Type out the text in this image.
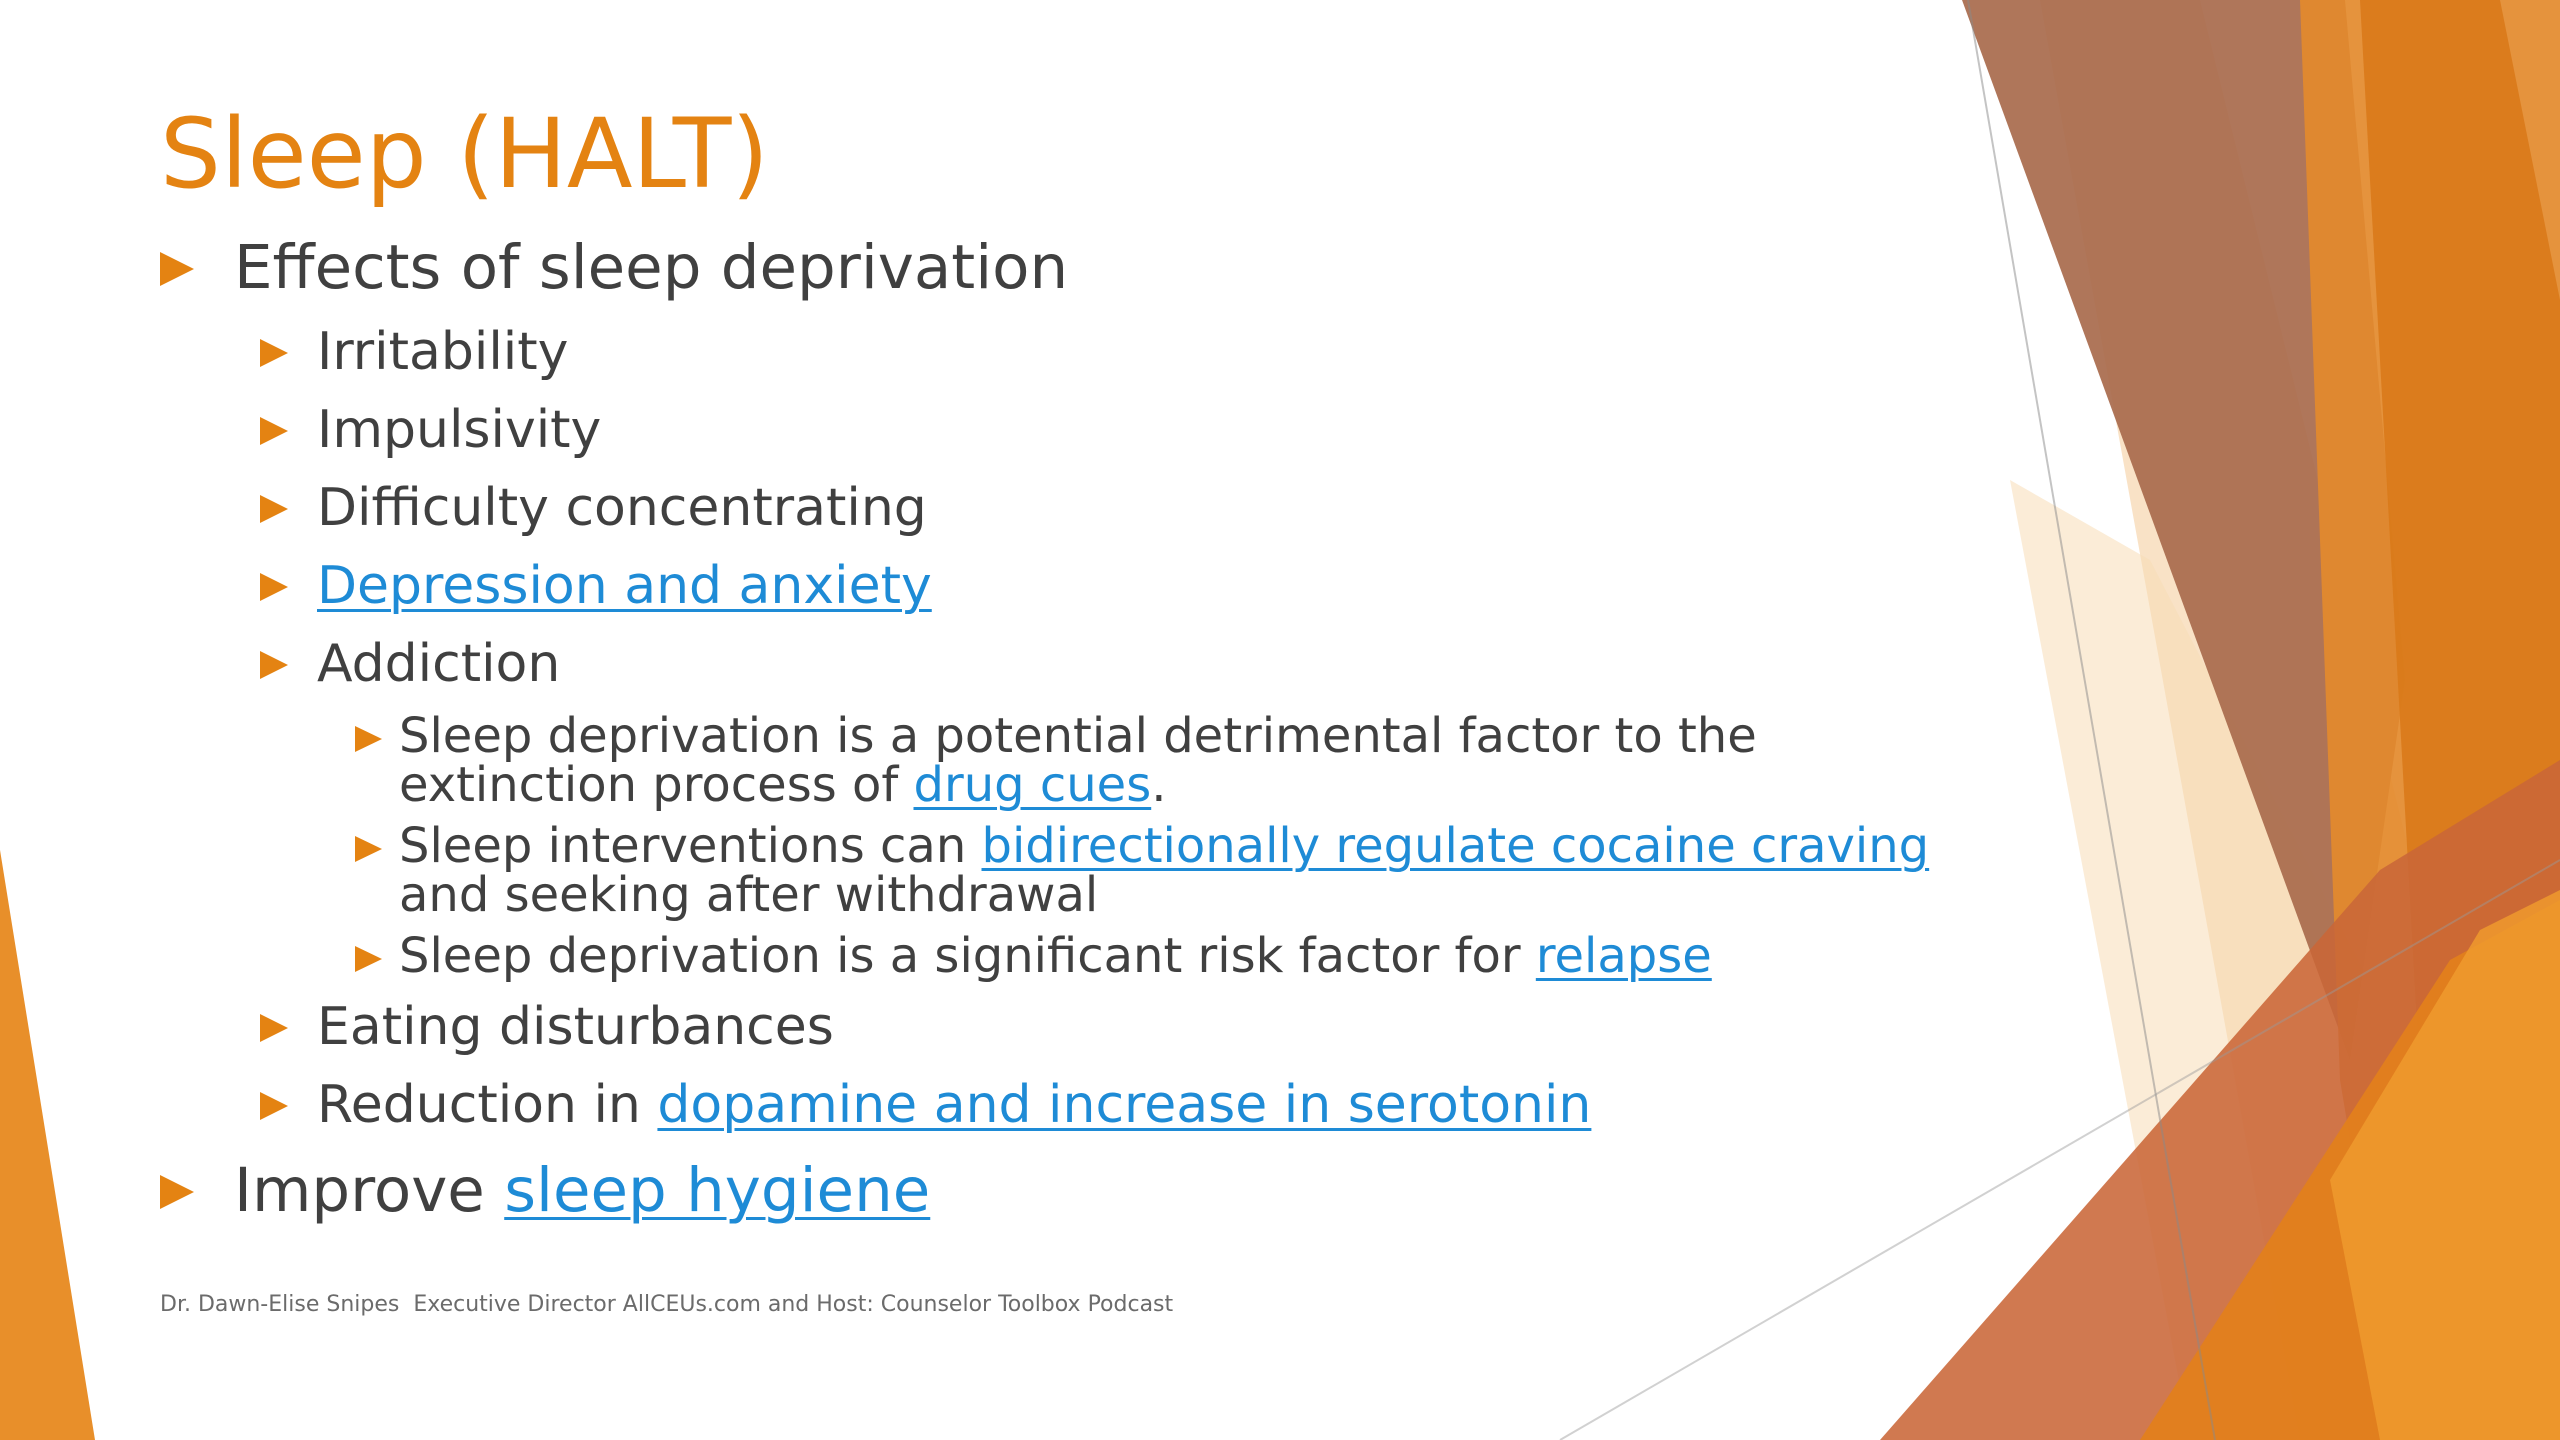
Sleep (HALT)
Effects of sleep deprivation
Irritability
Impulsivity
Difficulty concentrating
Depression and anxiety
Addiction
Sleep deprivation is a potential detrimental factor to the
extinction process of drug cues.
Sleep interventions can bidirectionally regulate cocaine craving
and seeking after withdrawal
Sleep deprivation is a significant risk factor for relapse
Eating disturbances
Reduction in dopamine and increase in serotonin
Improve sleep hygiene
Dr. Dawn-Elise Snipes  Executive Director AllCEUs.com and Host: Counselor Toolbox Podcast
